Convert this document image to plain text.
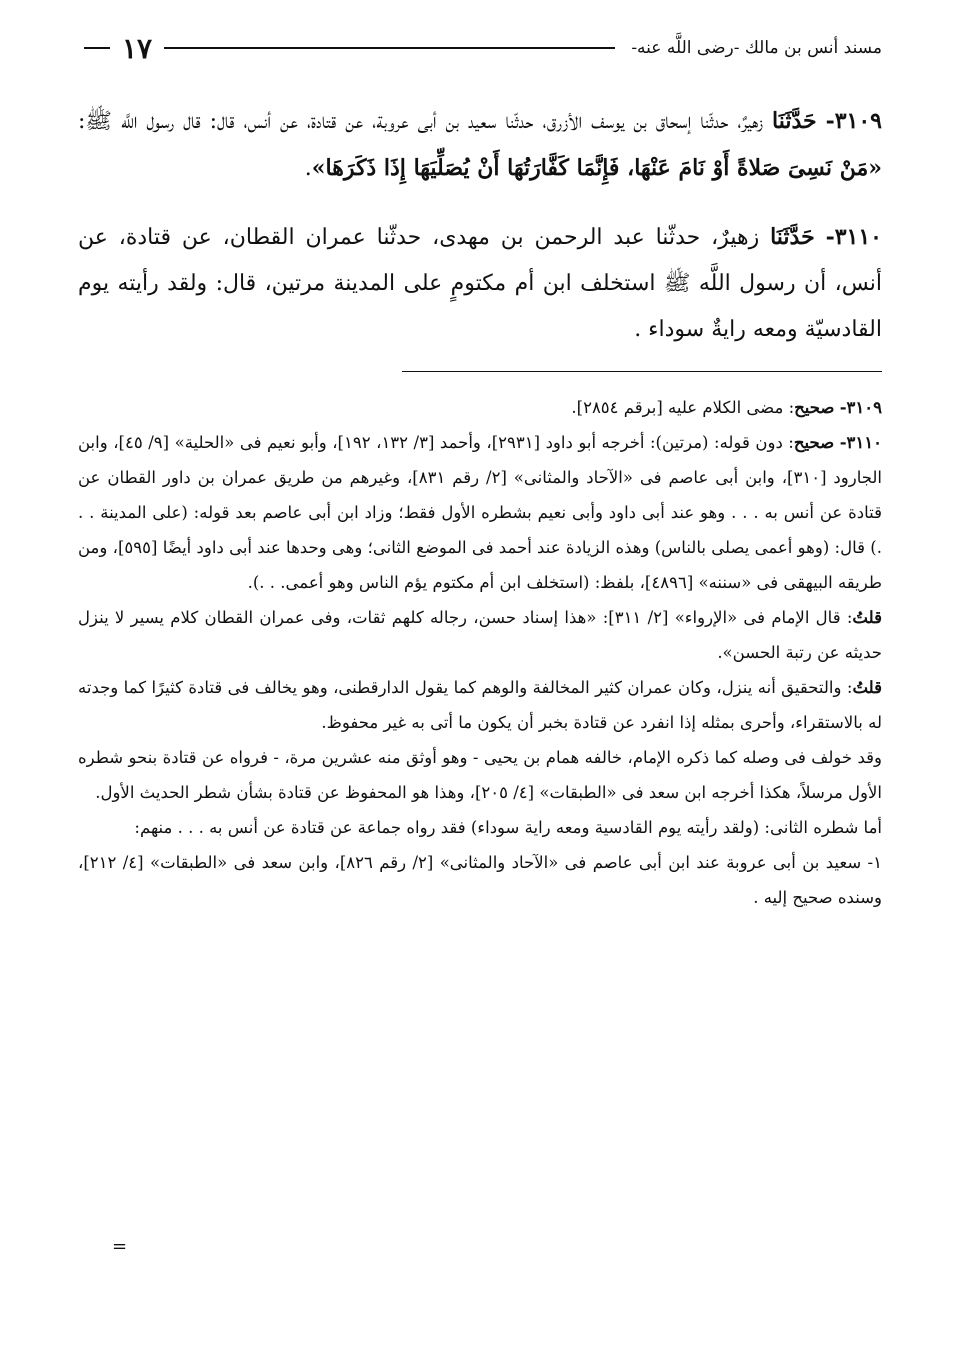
مسند أنس بن مالك -رضى اللَّه عنه-
١٧

٣١٠٩- حَدَّثَنَا زهيرٌ، حدثّنا إسحاق بن يوسف الأزرق، حدثّنا سعيد بن أبى عروبة، عن قتادة، عن أنس، قال: قال رسول اللَّه ﷺ: «مَنْ نَسِىَ صَلاةً أَوْ نَامَ عَنْهَا، فَإِنَّمَا كَفَّارَتُهَا أَنْ يُصَلِّيَهَا إِذَا ذَكَرَهَا».

٣١١٠- حَدَّثَنَا زهيرٌ، حدثّنا عبد الرحمن بن مهدى، حدثّنا عمران القطان، عن قتادة، عن أنس، أن رسول اللَّه ﷺ استخلف ابن أم مكتومٍ على المدينة مرتين، قال: ولقد رأيته يوم القادسيّة ومعه رايةٌ سوداء .

٣١٠٩- صحيح: مضى الكلام عليه [برقم ٢٨٥٤].

٣١١٠- صحيح: دون قوله: (مرتين): أخرجه أبو داود [٢٩٣١]، وأحمد [٣/ ١٣٢، ١٩٢]، وأبو نعيم فى «الحلية» [٩/ ٤٥]، وابن الجارود [٣١٠]، وابن أبى عاصم فى «الآحاد والمثانى» [٢/ رقم ٨٣١]، وغيرهم من طريق عمران بن داور القطان عن قتادة عن أنس به . . . وهو عند أبى داود وأبى نعيم بشطره الأول فقط؛ وزاد ابن أبى عاصم بعد قوله: (على المدينة . . .) قال: (وهو أعمى يصلى بالناس) وهذه الزيادة عند أحمد فى الموضع الثانى؛ وهى وحدها عند أبى داود أيضًا [٥٩٥]، ومن طريقه البيهقى فى «سننه» [٤٨٩٦]، بلفظ: (استخلف ابن أم مكتوم يؤم الناس وهو أعمى. . .).

قلتُ: قال الإمام فى «الإرواء» [٢/ ٣١١]: «هذا إسناد حسن، رجاله كلهم ثقات، وفى عمران القطان كلام يسير لا ينزل حديثه عن رتبة الحسن».

قلتُ: والتحقيق أنه ينزل، وكان عمران كثير المخالفة والوهم كما يقول الدارقطنى، وهو يخالف فى قتادة كثيرًا كما وجدته له بالاستقراء، وأحرى بمثله إذا انفرد عن قتادة بخبر أن يكون ما أتى به غير محفوظ.

وقد خولف فى وصله كما ذكره الإمام، خالفه همام بن يحيى - وهو أوثق منه عشرين مرة، - فرواه عن قتادة بنحو شطره الأول مرسلاً، هكذا أخرجه ابن سعد فى «الطبقات» [٤/ ٢٠٥]، وهذا هو المحفوظ عن قتادة بشأن شطر الحديث الأول.

أما شطره الثانى: (ولقد رأيته يوم القادسية ومعه راية سوداء) فقد رواه جماعة عن قتادة عن أنس به . . . منهم:

١- سعيد بن أبى عروبة عند ابن أبى عاصم فى «الآحاد والمثانى» [٢/ رقم ٨٢٦]، وابن سعد فى «الطبقات» [٤/ ٢١٢]، وسنده صحيح إليه .

=
